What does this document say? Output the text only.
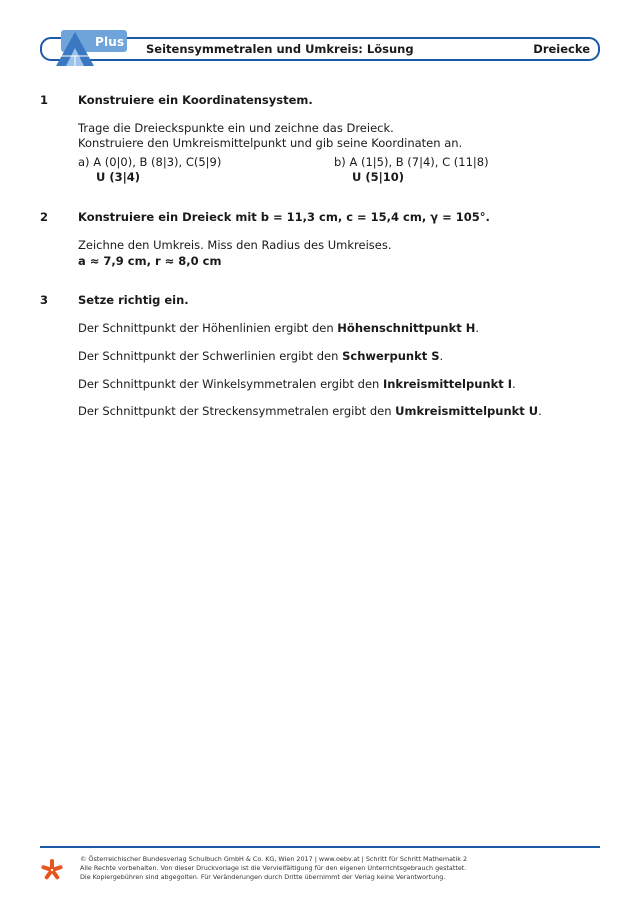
Plus Seitensymmetralen und Umkreis: Lösung	Dreiecke
1	Konstruiere ein Koordinatensystem.
Trage die Dreieckspunkte ein und zeichne das Dreieck.
Konstruiere den Umkreismittelpunkt und gib seine Koordinaten an.
a) A (0|0), B (8|3), C(5|9)
U (3|4)
b) A (1|5), B (7|4), C (11|8)
U (5|10)
2	Konstruiere ein Dreieck mit b = 11,3 cm, c = 15,4 cm, γ = 105°.
Zeichne den Umkreis. Miss den Radius des Umkreises.
a ≈ 7,9 cm, r ≈ 8,0 cm
3	Setze richtig ein.
Der Schnittpunkt der Höhenlinien ergibt den Höhenschnittpunkt H.
Der Schnittpunkt der Schwerlinien ergibt den Schwerpunkt S.
Der Schnittpunkt der Winkelsymmetralen ergibt den Inkreismittelpunkt I.
Der Schnittpunkt der Streckensymmetralen ergibt den Umkreismittelpunkt U.
© Österreichischer Bundesverlag Schulbuch GmbH & Co. KG, Wien 2017 | www.oebv.at | Schritt für Schritt Mathematik 2
Alle Rechte vorbehalten. Von dieser Druckvorlage ist die Vervielfältigung für den eigenen Unterrichtsgebrauch gestattet.
Die Kopiergebühren sind abgegolten. Für Veränderungen durch Dritte übernimmt der Verlag keine Verantwortung.
